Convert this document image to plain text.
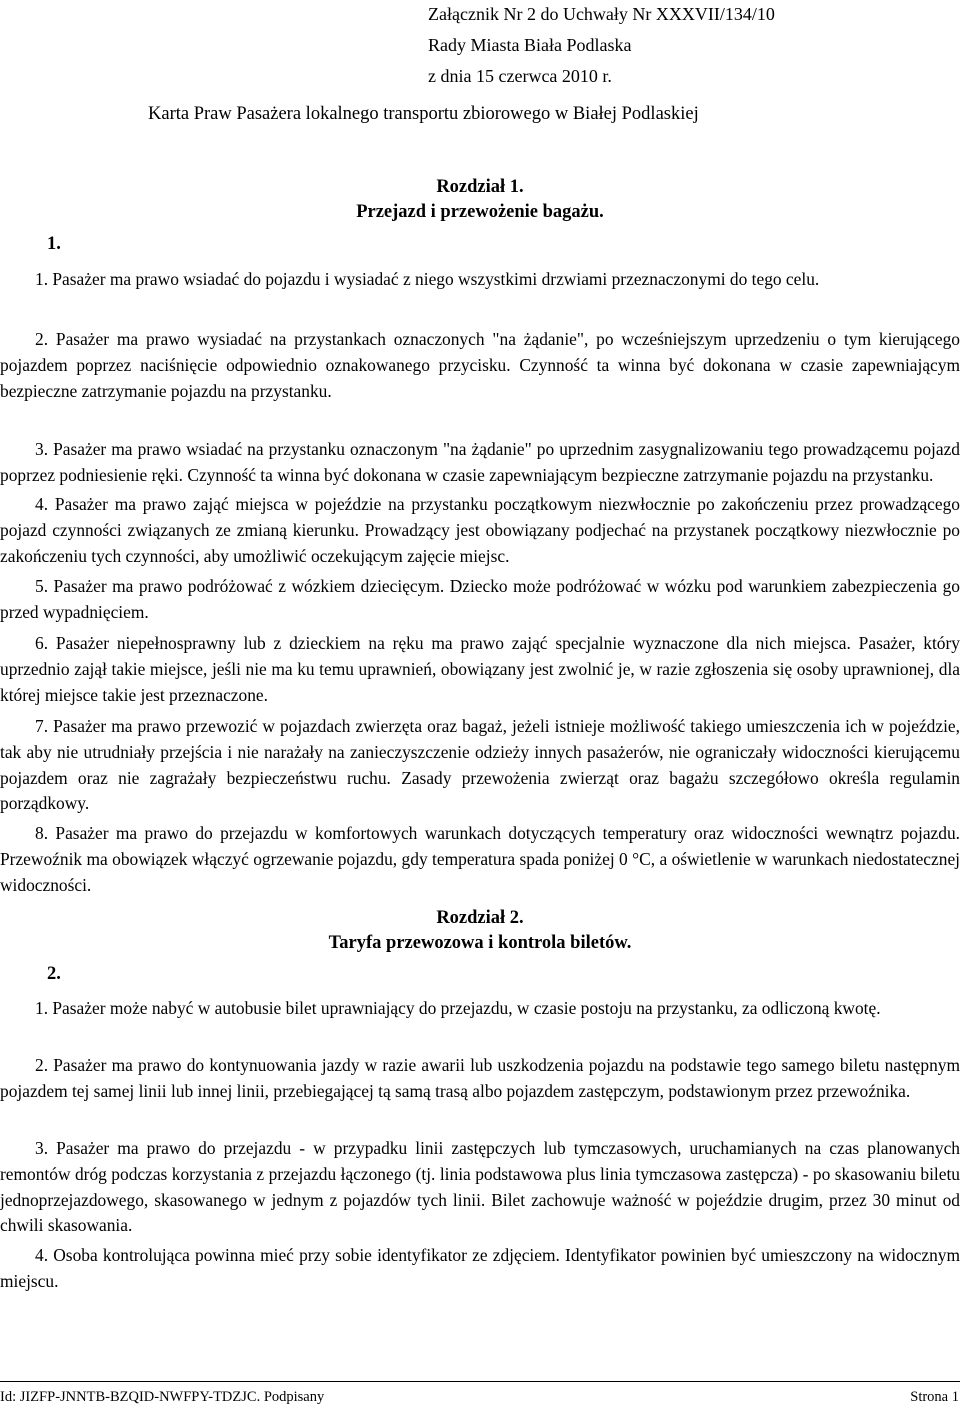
Załącznik Nr 2 do Uchwały Nr XXXVII/134/10
Rady Miasta Biała Podlaska
z dnia 15 czerwca 2010 r.
Karta Praw Pasażera lokalnego transportu zbiorowego w Białej Podlaskiej
Rozdział 1.
Przejazd i przewożenie bagażu.
1.

1. Pasażer ma prawo wsiadać do pojazdu i wysiadać z niego wszystkimi drzwiami przeznaczonymi do tego celu.

2. Pasażer ma prawo wysiadać na przystankach oznaczonych "na żądanie", po wcześniejszym uprzedzeniu o tym kierującego pojazdem poprzez naciśnięcie odpowiednio oznakowanego przycisku. Czynność ta winna być dokonana w czasie zapewniającym bezpieczne zatrzymanie pojazdu na przystanku.

3. Pasażer ma prawo wsiadać na przystanku oznaczonym "na żądanie" po uprzednim zasygnalizowaniu tego prowadzącemu pojazd poprzez podniesienie ręki. Czynność ta winna być dokonana w czasie zapewniającym bezpieczne zatrzymanie pojazdu na przystanku.

4. Pasażer ma prawo zająć miejsca w pojeździe na przystanku początkowym niezwłocznie po zakończeniu przez prowadzącego pojazd czynności związanych ze zmianą kierunku. Prowadzący jest obowiązany podjechać na przystanek początkowy niezwłocznie po zakończeniu tych czynności, aby umożliwić oczekującym zajęcie miejsc.

5. Pasażer ma prawo podróżować z wózkiem dziecięcym. Dziecko może podróżować w wózku pod warunkiem zabezpieczenia go przed wypadnięciem.

6. Pasażer niepełnosprawny lub z dzieckiem na ręku ma prawo zająć specjalnie wyznaczone dla nich miejsca. Pasażer, który uprzednio zajął takie miejsce, jeśli nie ma ku temu uprawnień, obowiązany jest zwolnić je, w razie zgłoszenia się osoby uprawnionej, dla której miejsce takie jest przeznaczone.

7. Pasażer ma prawo przewozić w pojazdach zwierzęta oraz bagaż, jeżeli istnieje możliwość takiego umieszczenia ich w pojeździe, tak aby nie utrudniały przejścia i nie narażały na zanieczyszczenie odzieży innych pasażerów, nie ograniczały widoczności kierującemu pojazdem oraz nie zagrażały bezpieczeństwu ruchu. Zasady przewożenia zwierząt oraz bagażu szczegółowo określa regulamin porządkowy.

8. Pasażer ma prawo do przejazdu w komfortowych warunkach dotyczących temperatury oraz widoczności wewnątrz pojazdu. Przewoźnik ma obowiązek włączyć ogrzewanie pojazdu, gdy temperatura spada poniżej 0 °C, a oświetlenie w warunkach niedostatecznej widoczności.

Rozdział 2.
Taryfa przewozowa i kontrola biletów.
2.

1. Pasażer może nabyć w autobusie bilet uprawniający do przejazdu, w czasie postoju na przystanku, za odliczoną kwotę.

2. Pasażer ma prawo do kontynuowania jazdy w razie awarii lub uszkodzenia pojazdu na podstawie tego samego biletu następnym pojazdem tej samej linii lub innej linii, przebiegającej tą samą trasą albo pojazdem zastępczym, podstawionym przez przewoźnika.

3. Pasażer ma prawo do przejazdu - w przypadku linii zastępczych lub tymczasowych, uruchamianych na czas planowanych remontów dróg podczas korzystania z przejazdu łączonego (tj. linia podstawowa plus linia tymczasowa zastępcza) - po skasowaniu biletu jednoprzejazdowego, skasowanego w jednym z pojazdów tych linii. Bilet zachowuje ważność w pojeździe drugim, przez 30 minut od chwili skasowania.

4. Osoba kontrolująca powinna mieć przy sobie identyfikator ze zdjęciem. Identyfikator powinien być umieszczony na widocznym miejscu.

Id: JIZFP-JNNTB-BZQID-NWFPY-TDZJC. Podpisany	Strona 1
